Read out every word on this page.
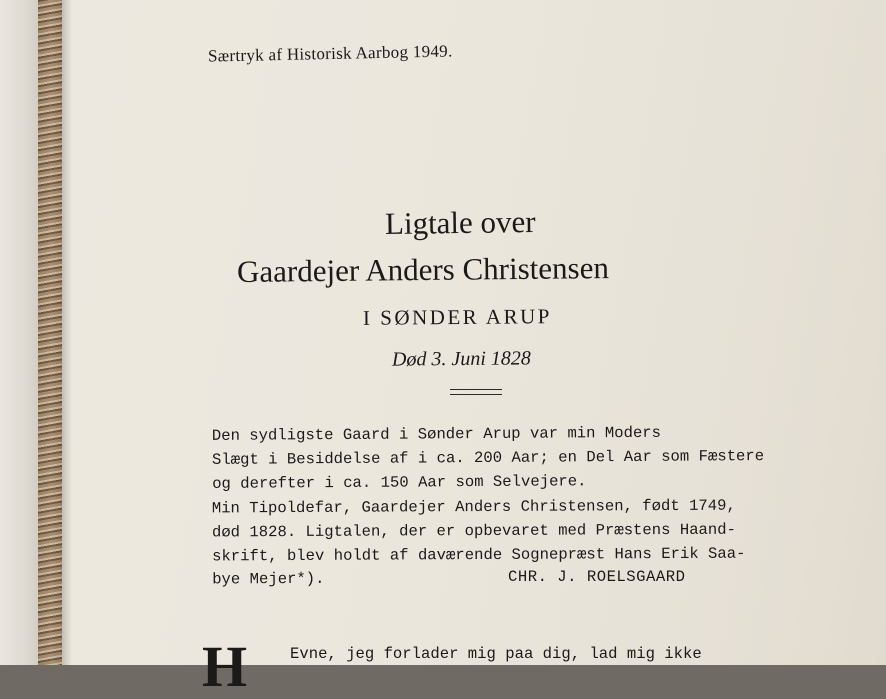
Særtryk af Historisk Aarbog 1949.
Ligtale over
Gaardejer Anders Christensen
I SØNDER ARUP
Død 3. Juni 1828
Den sydligste Gaard i Sønder Arup var min Moders
Slægt i Besiddelse af i ca. 200 Aar; en Del Aar som Fæstere
og derefter i ca. 150 Aar som Selvejere.
Min Tipoldefar, Gaardejer Anders Christensen, født 1749,
død 1828. Ligtalen, der er opbevaret med Præstens Haand-
skrift, blev holdt af daværende Sognepræst Hans Erik Saa-
bye Mejer*).	CHR. J. ROELSGAARD
H	Evne, jeg forlader mig paa dig, lad mig ikke
